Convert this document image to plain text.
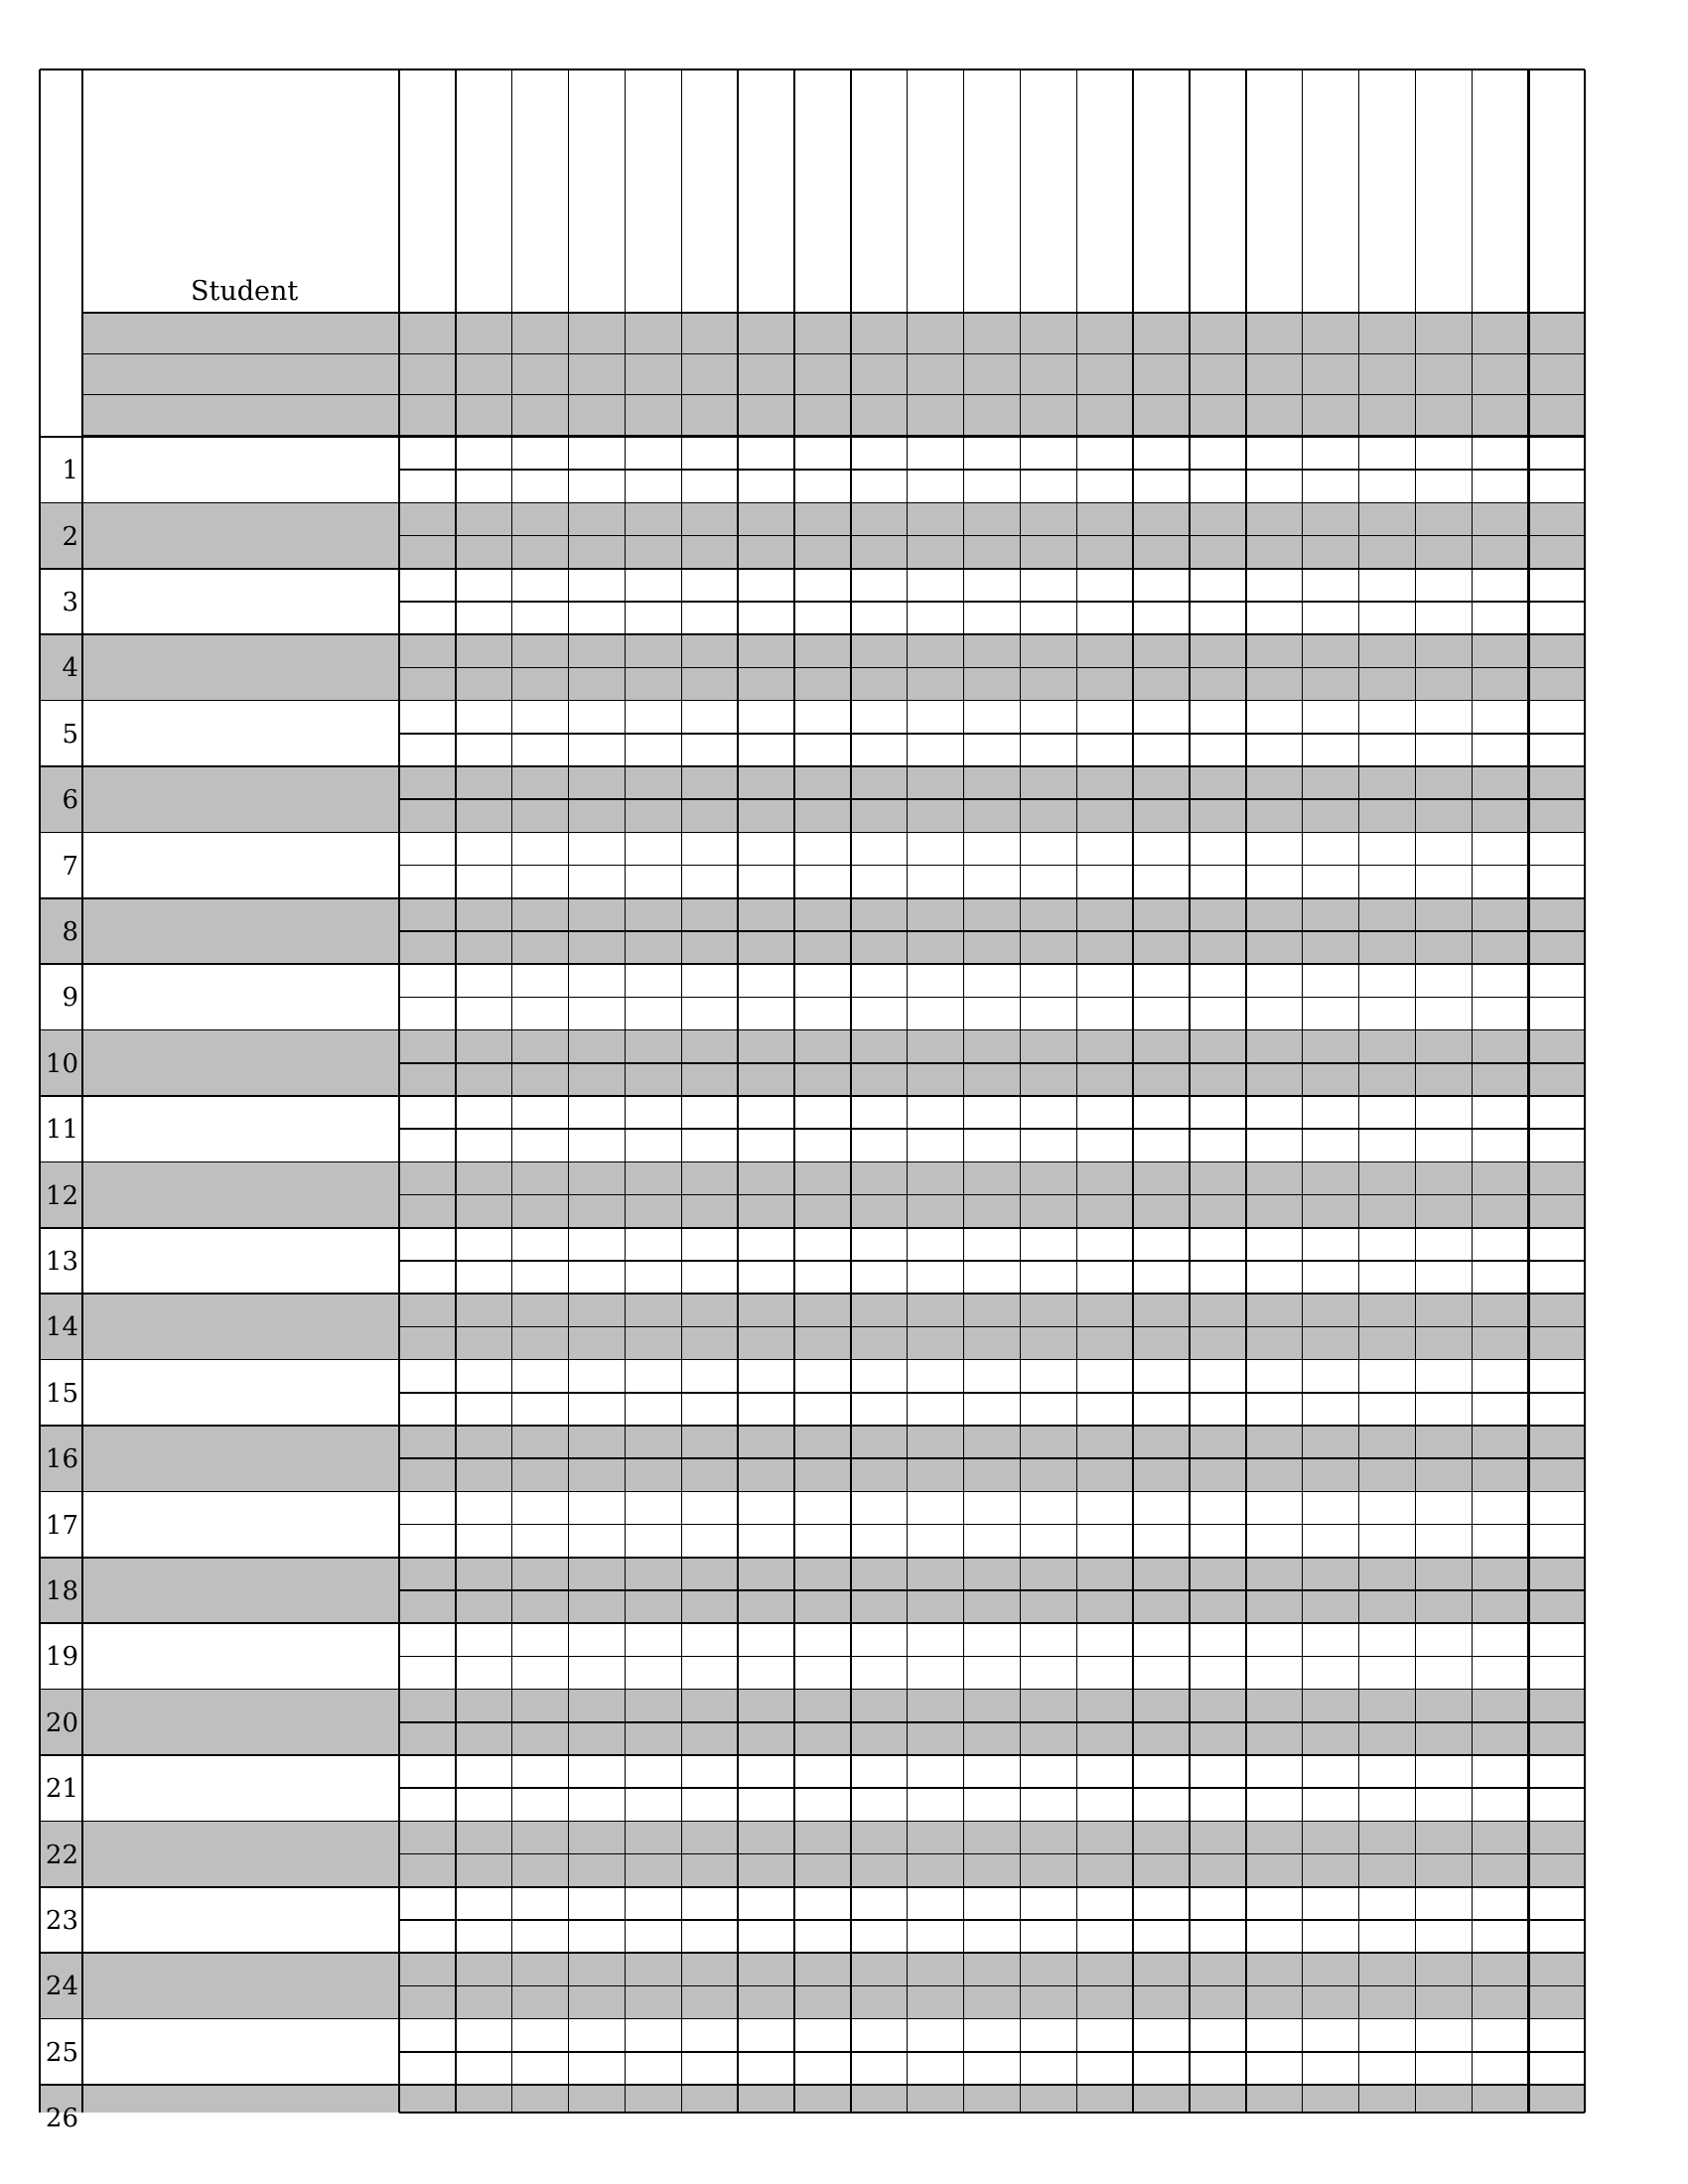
Student
1
2
3
4
5
6
7
8
9
10
11
12
13
14
15
16
17
18
19
20
21
22
23
24
25
26
